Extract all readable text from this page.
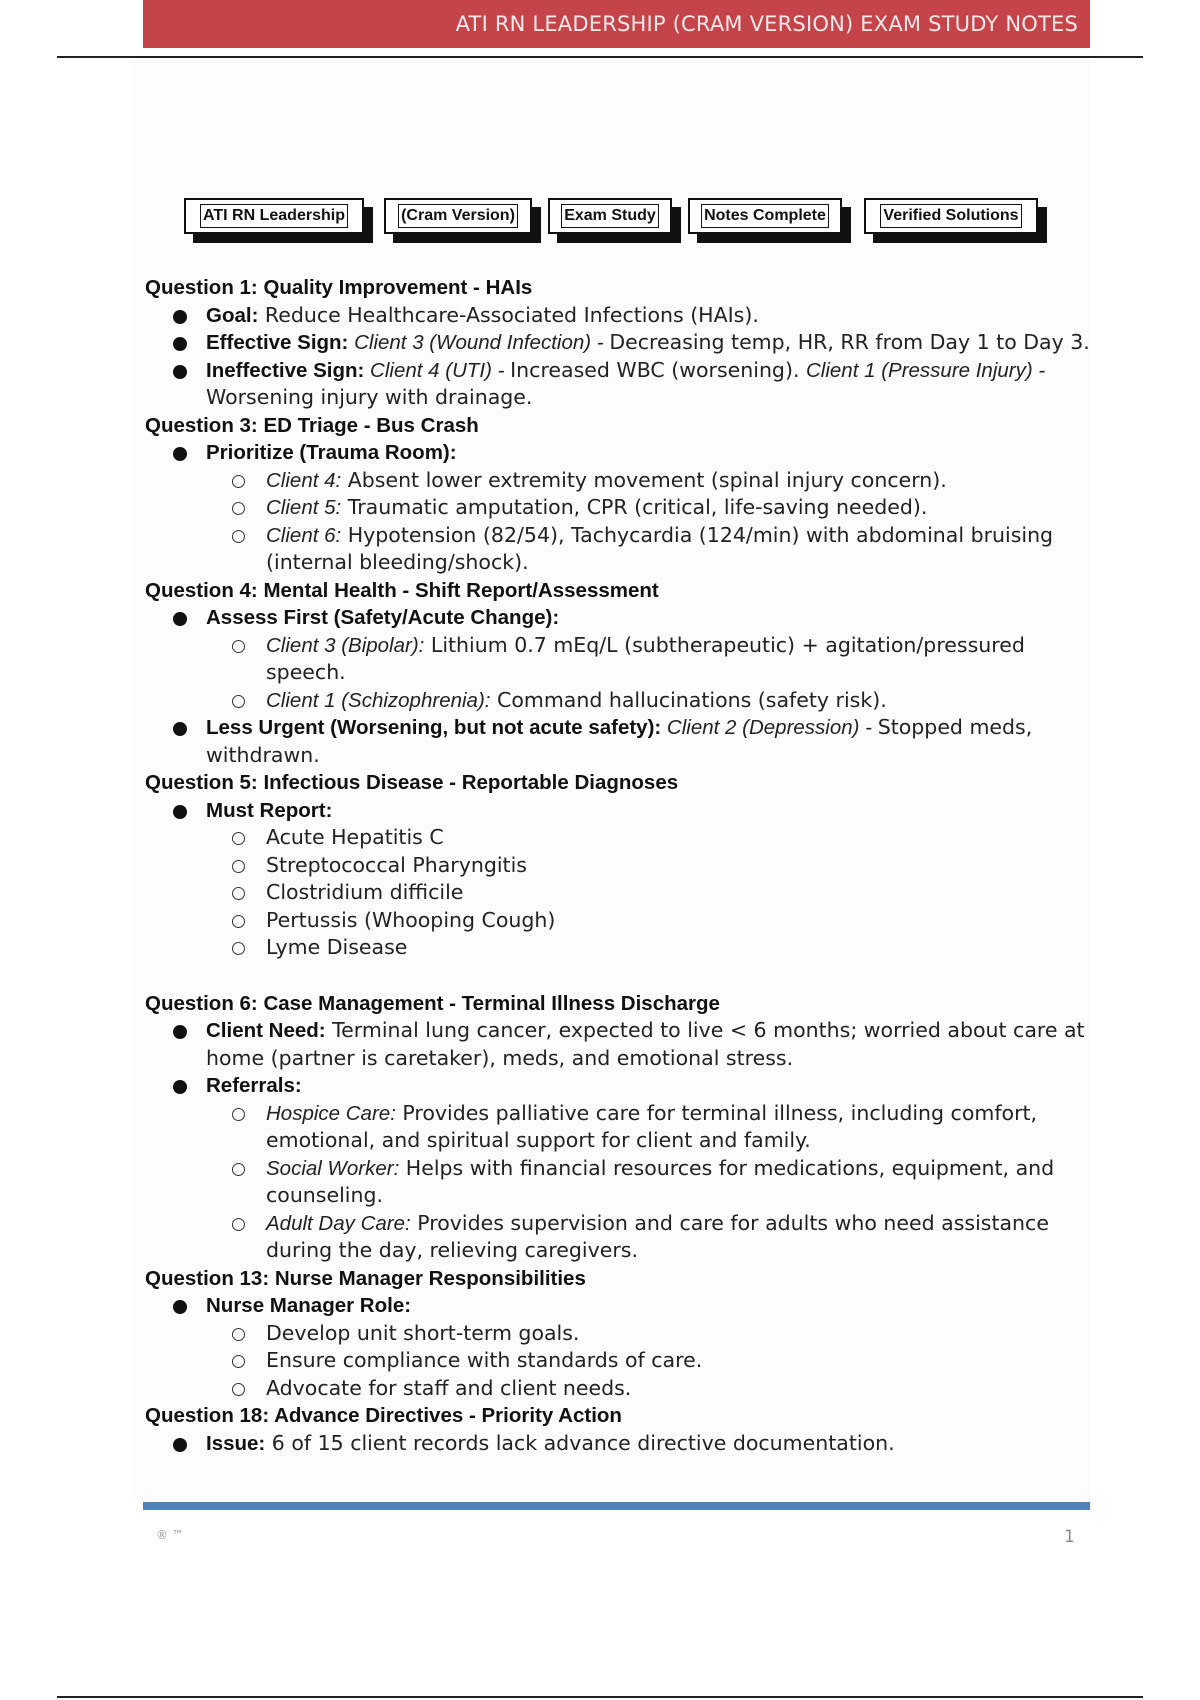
ATI RN LEADERSHIP (CRAM VERSION) EXAM STUDY NOTES
ATI RN Leadership	(Cram Version)	Exam Study	Notes Complete	Verified Solutions

Question 1: Quality Improvement - HAIs

Goal: Reduce Healthcare-Associated Infections (HAIs).

Effective Sign: Client 3 (Wound Infection) - Decreasing temp, HR, RR from Day 1 to Day 3.

Ineffective Sign: Client 4 (UTI) - Increased WBC (worsening). Client 1 (Pressure Injury) - Worsening injury with drainage.

Question 3: ED Triage - Bus Crash

Prioritize (Trauma Room):

Client 4: Absent lower extremity movement (spinal injury concern).

Client 5: Traumatic amputation, CPR (critical, life-saving needed).

Client 6: Hypotension (82/54), Tachycardia (124/min) with abdominal bruising (internal bleeding/shock).

Question 4: Mental Health - Shift Report/Assessment

Assess First (Safety/Acute Change):

Client 3 (Bipolar): Lithium 0.7 mEq/L (subtherapeutic) + agitation/pressured speech.

Client 1 (Schizophrenia): Command hallucinations (safety risk).

Less Urgent (Worsening, but not acute safety): Client 2 (Depression) - Stopped meds, withdrawn.

Question 5: Infectious Disease - Reportable Diagnoses

Must Report:

Acute Hepatitis C

Streptococcal Pharyngitis

Clostridium difficile

Pertussis (Whooping Cough)

Lyme Disease

Question 6: Case Management - Terminal Illness Discharge

Client Need: Terminal lung cancer, expected to live < 6 months; worried about care at home (partner is caretaker), meds, and emotional stress.

Referrals:

Hospice Care: Provides palliative care for terminal illness, including comfort, emotional, and spiritual support for client and family.

Social Worker: Helps with financial resources for medications, equipment, and counseling.

Adult Day Care: Provides supervision and care for adults who need assistance during the day, relieving caregivers.

Question 13: Nurse Manager Responsibilities

Nurse Manager Role:

Develop unit short-term goals.

Ensure compliance with standards of care.

Advocate for staff and client needs.

Question 18: Advance Directives - Priority Action

Issue: 6 of 15 client records lack advance directive documentation.

® ™	1
